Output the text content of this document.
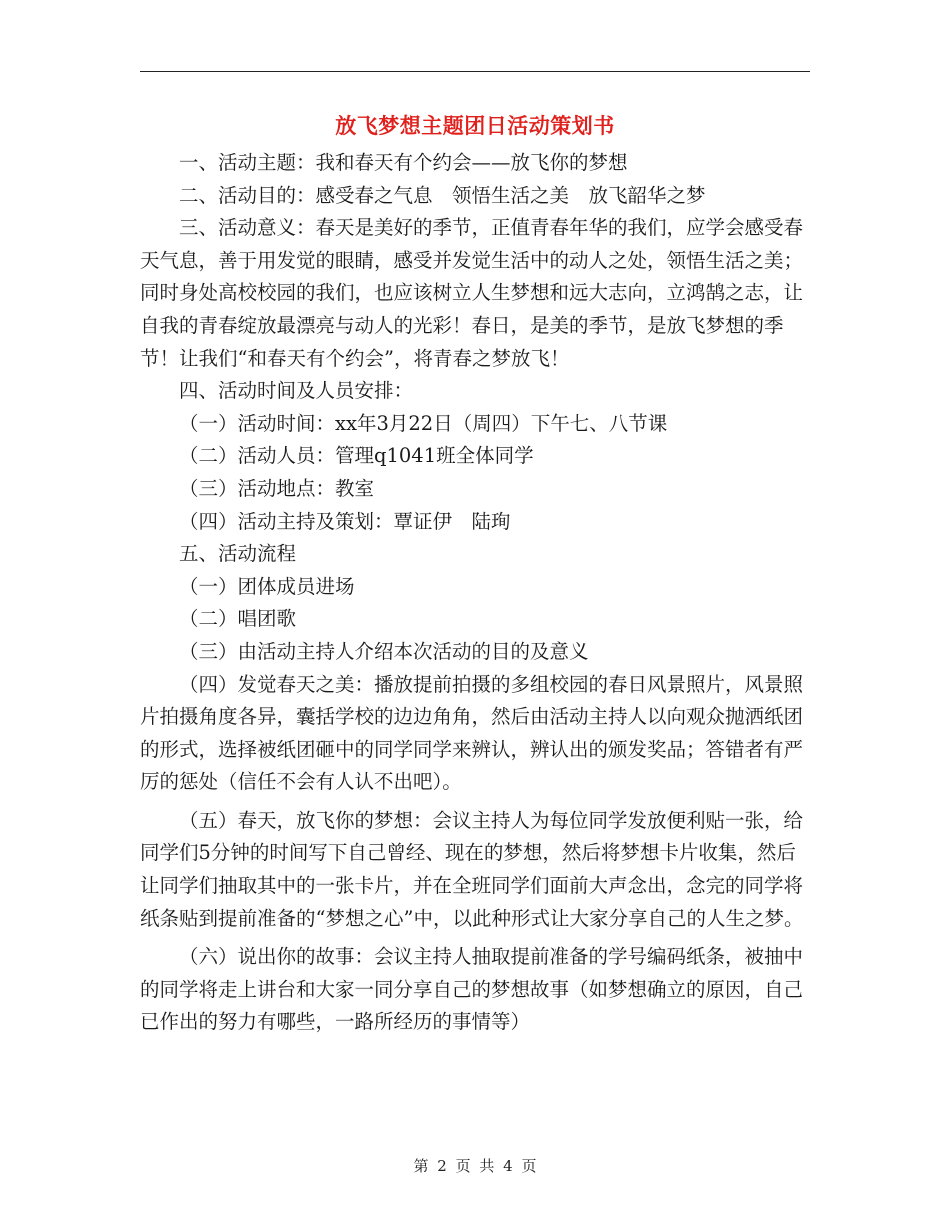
放飞梦想主题团日活动策划书

一、活动主题：我和春天有个约会——放飞你的梦想

二、活动目的：感受春之气息　领悟生活之美　放飞韶华之梦

三、活动意义：春天是美好的季节，正值青春年华的我们，应学会感受春天气息，善于用发觉的眼睛，感受并发觉生活中的动人之处，领悟生活之美；同时身处高校校园的我们，也应该树立人生梦想和远大志向，立鸿鹄之志，让自我的青春绽放最漂亮与动人的光彩！春日，是美的季节，是放飞梦想的季节！让我们“和春天有个约会”，将青春之梦放飞！

四、活动时间及人员安排：

（一）活动时间：xx年3月22日（周四）下午七、八节课

（二）活动人员：管理q1041班全体同学

（三）活动地点：教室

（四）活动主持及策划：覃证伊　陆珣

五、活动流程

（一）团体成员进场

（二）唱团歌

（三）由活动主持人介绍本次活动的目的及意义

（四）发觉春天之美：播放提前拍摄的多组校园的春日风景照片，风景照片拍摄角度各异，囊括学校的边边角角，然后由活动主持人以向观众抛洒纸团的形式，选择被纸团砸中的同学同学来辨认，辨认出的颁发奖品；答错者有严厉的惩处（信任不会有人认不出吧）。

（五）春天，放飞你的梦想：会议主持人为每位同学发放便利贴一张，给同学们5分钟的时间写下自己曾经、现在的梦想，然后将梦想卡片收集，然后让同学们抽取其中的一张卡片，并在全班同学们面前大声念出，念完的同学将纸条贴到提前准备的“梦想之心”中，以此种形式让大家分享自己的人生之梦。

（六）说出你的故事：会议主持人抽取提前准备的学号编码纸条，被抽中的同学将走上讲台和大家一同分享自己的梦想故事（如梦想确立的原因，自己已作出的努力有哪些，一路所经历的事情等）

第 2 页 共 4 页
